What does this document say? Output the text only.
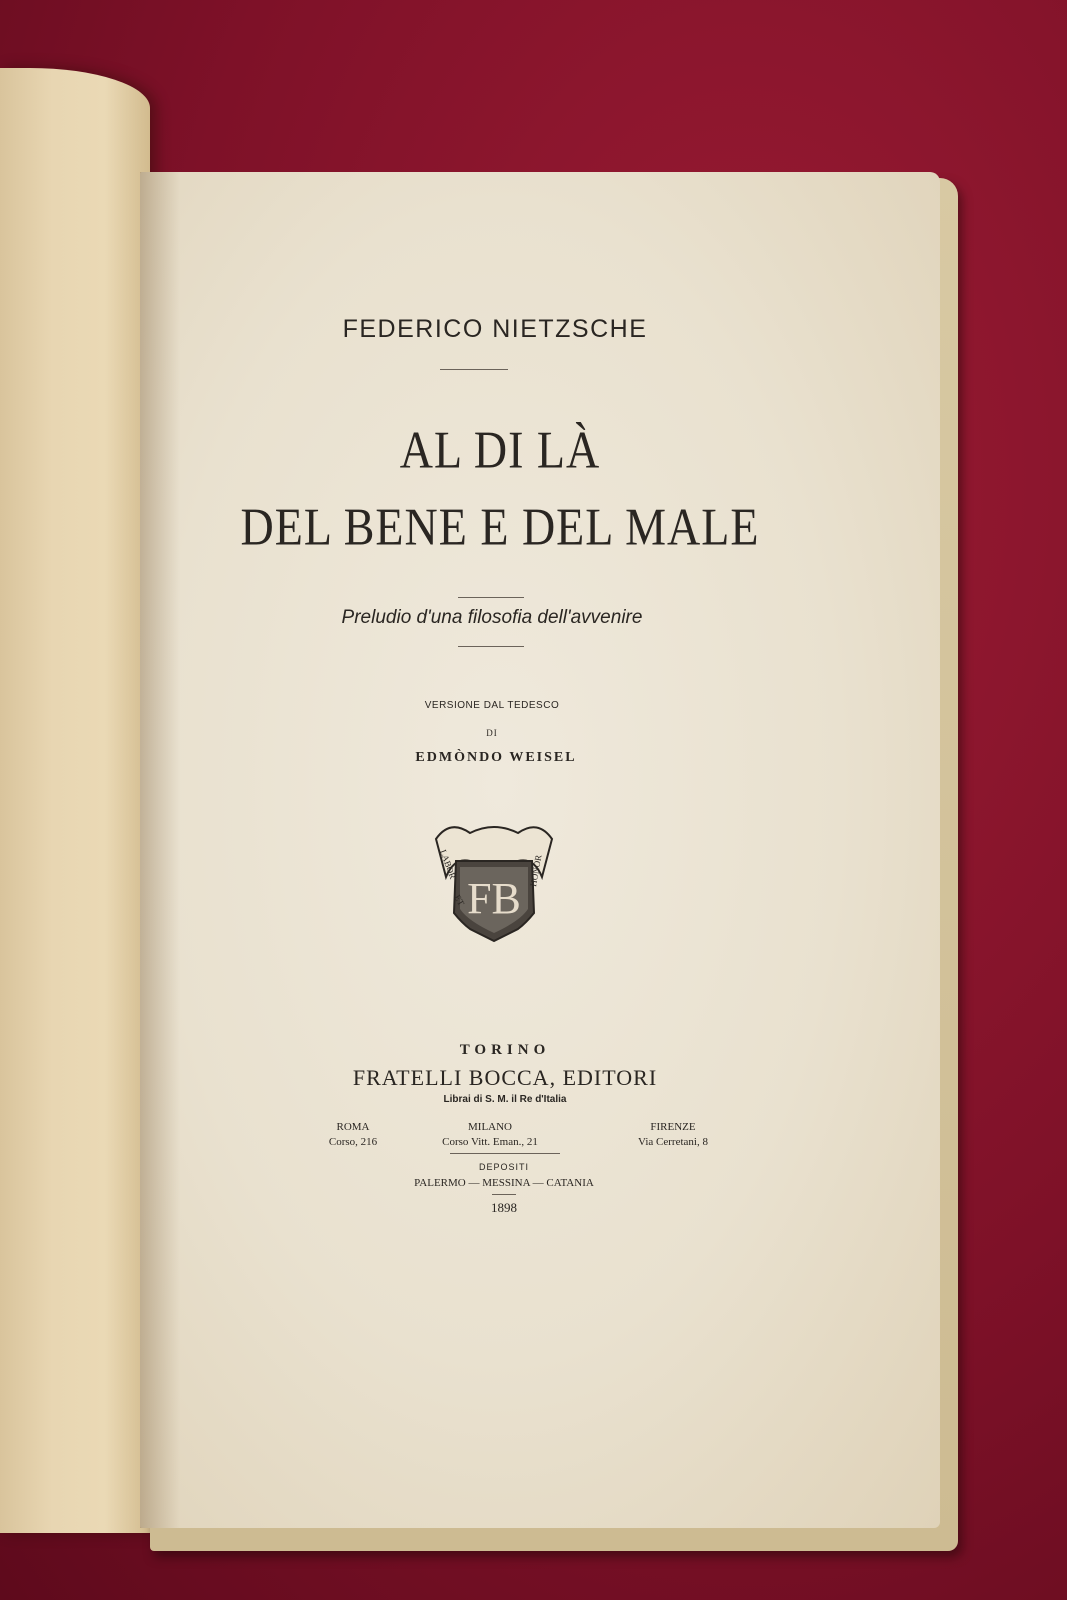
FEDERICO NIETZSCHE
AL DI LÀ
DEL BENE E DEL MALE
Preludio d'una filosofia dell'avvenire
VERSIONE DAL TEDESCO
DI
EDMÒNDO WEISEL
FB
LABOR
ET
HONOR
TORINO
FRATELLI BOCCA, EDITORI
Librai di S. M. il Re d'Italia
ROMA
Corso, 216
MILANO
Corso Vitt. Eman., 21
FIRENZE
Via Cerretani, 8
DEPOSITI
PALERMO — MESSINA — CATANIA
1898
